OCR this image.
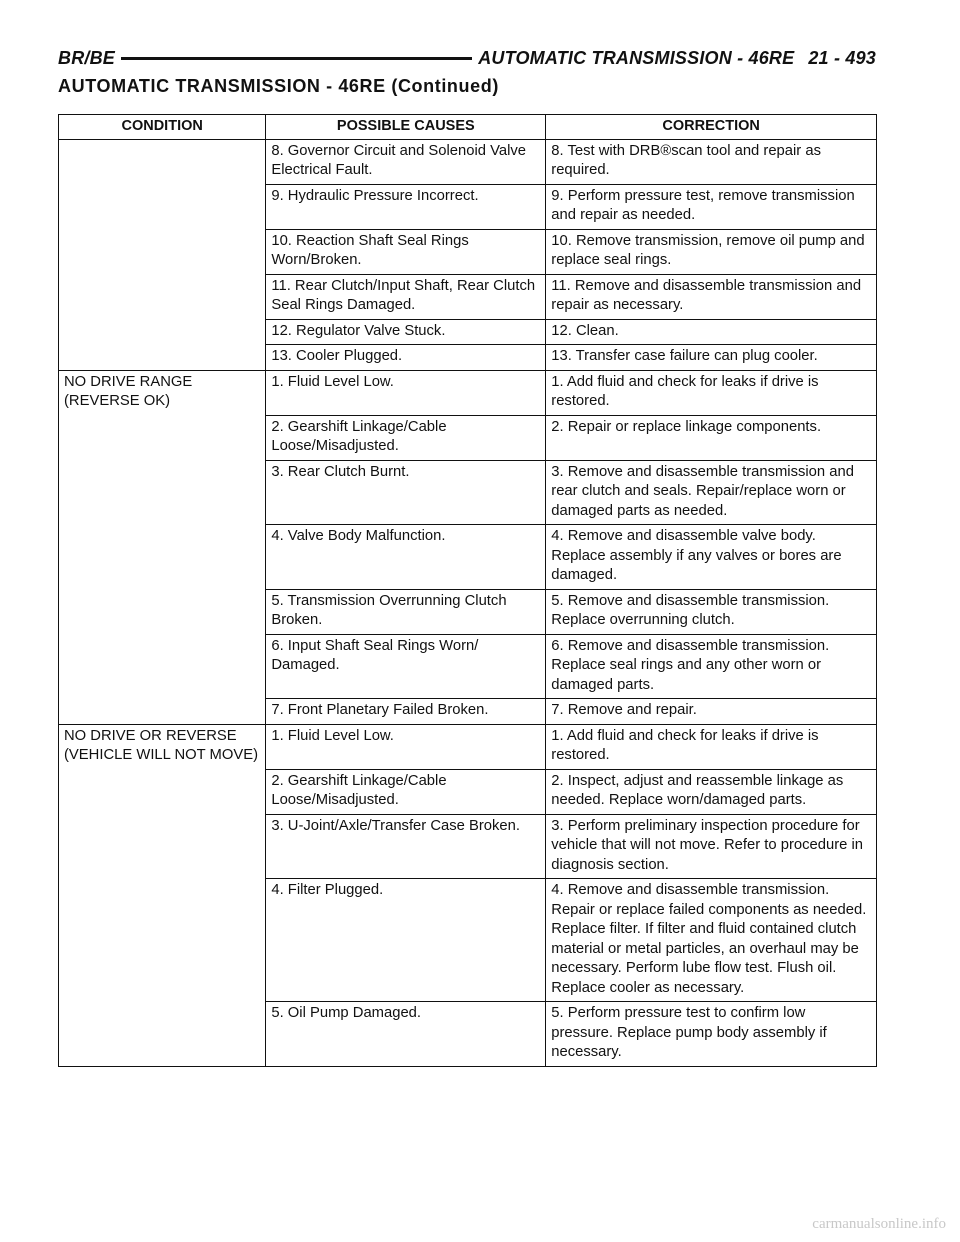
BR/BE	AUTOMATIC TRANSMISSION - 46RE 21 - 493
AUTOMATIC TRANSMISSION - 46RE (Continued)
CONDITION	POSSIBLE CAUSES	CORRECTION
	8. Governor Circuit and Solenoid Valve Electrical Fault.	8. Test with DRB®scan tool and repair as required.
	9. Hydraulic Pressure Incorrect.	9. Perform pressure test, remove transmission and repair as needed.
	10. Reaction Shaft Seal Rings Worn/Broken.	10. Remove transmission, remove oil pump and replace seal rings.
	11. Rear Clutch/Input Shaft, Rear Clutch Seal Rings Damaged.	11. Remove and disassemble transmission and repair as necessary.
	12. Regulator Valve Stuck.	12. Clean.
	13. Cooler Plugged.	13. Transfer case failure can plug cooler.
NO DRIVE RANGE (REVERSE OK)	1. Fluid Level Low.	1. Add fluid and check for leaks if drive is restored.
	2. Gearshift Linkage/Cable Loose/Misadjusted.	2. Repair or replace linkage components.
	3. Rear Clutch Burnt.	3. Remove and disassemble transmission and rear clutch and seals. Repair/replace worn or damaged parts as needed.
	4. Valve Body Malfunction.	4. Remove and disassemble valve body. Replace assembly if any valves or bores are damaged.
	5. Transmission Overrunning Clutch Broken.	5. Remove and disassemble transmission. Replace overrunning clutch.
	6. Input Shaft Seal Rings Worn/ Damaged.	6. Remove and disassemble transmission. Replace seal rings and any other worn or damaged parts.
	7. Front Planetary Failed Broken.	7. Remove and repair.
NO DRIVE OR REVERSE (VEHICLE WILL NOT MOVE)	1. Fluid Level Low.	1. Add fluid and check for leaks if drive is restored.
	2. Gearshift Linkage/Cable Loose/Misadjusted.	2. Inspect, adjust and reassemble linkage as needed. Replace worn/damaged parts.
	3. U-Joint/Axle/Transfer Case Broken.	3. Perform preliminary inspection procedure for vehicle that will not move. Refer to procedure in diagnosis section.
	4. Filter Plugged.	4. Remove and disassemble transmission. Repair or replace failed components as needed. Replace filter. If filter and fluid contained clutch material or metal particles, an overhaul may be necessary. Perform lube flow test. Flush oil. Replace cooler as necessary.
	5. Oil Pump Damaged.	5. Perform pressure test to confirm low pressure. Replace pump body assembly if necessary.
carmanualsonline.info
